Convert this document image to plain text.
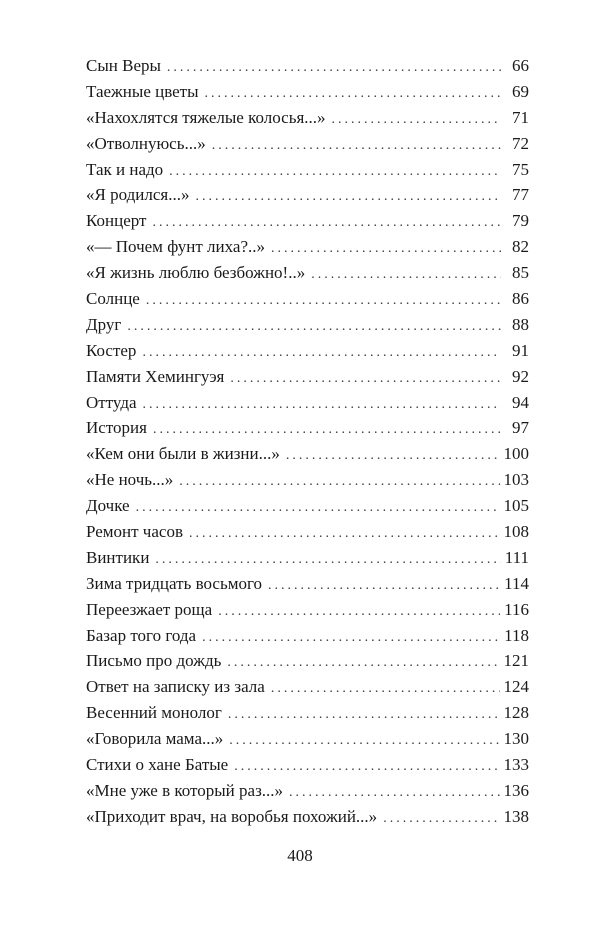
Сын Веры . . .	66
Таежные цветы . . .	69
«Нахохлятся тяжелые колосья...» . . .	71
«Отволнуюсь...» . . .	72
Так и надо . . .	75
«Я родился...» . . .	77
Концерт . . .	79
«— Почем фунт лиха?..» . . .	82
«Я жизнь люблю безбожно!..» . . .	85
Солнце . . .	86
Друг . . .	88
Костер . . .	91
Памяти Хемингуэя . . .	92
Оттуда . . .	94
История . . .	97
«Кем они были в жизни...» . . .	100
«Не ночь...» . . .	103
Дочке . . .	105
Ремонт часов . . .	108
Винтики . . .	111
Зима тридцать восьмого . . .	114
Переезжает роща . . .	116
Базар того года . . .	118
Письмо про дождь . . .	121
Ответ на записку из зала . . .	124
Весенний монолог . . .	128
«Говорила мама...» . . .	130
Стихи о хане Батые . . .	133
«Мне уже в который раз...» . . .	136
«Приходит врач, на воробья похожий...» . . .	138
408
